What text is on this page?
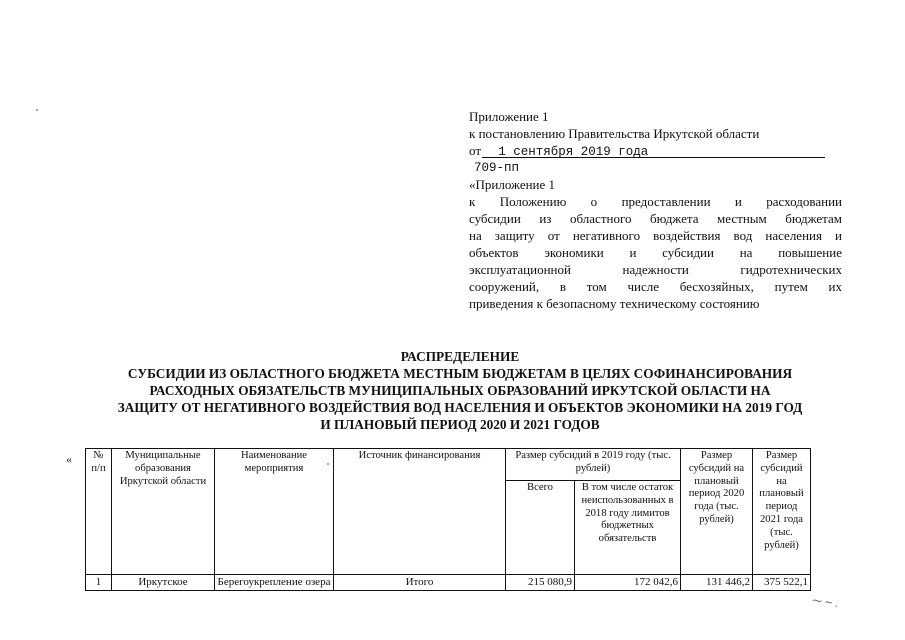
Приложение 1
к постановлению Правительства Иркутской области
от 1 сентября 2019 года
709-пп
«Приложение 1
к Положению о предоставлении и расходовании
субсидии из областного бюджета местным бюджетам
на защиту от негативного воздействия вод населения и
объектов экономики и субсидии на повышение
эксплуатационной надежности гидротехнических
сооружений, в том числе бесхозяйных, путем их
приведения к безопасному техническому состоянию
РАСПРЕДЕЛЕНИЕ
СУБСИДИИ ИЗ ОБЛАСТНОГО БЮДЖЕТА МЕСТНЫМ БЮДЖЕТАМ В ЦЕЛЯХ СОФИНАНСИРОВАНИЯ
РАСХОДНЫХ ОБЯЗАТЕЛЬСТВ МУНИЦИПАЛЬНЫХ ОБРАЗОВАНИЙ ИРКУТСКОЙ ОБЛАСТИ НА
ЗАЩИТУ ОТ НЕГАТИВНОГО ВОЗДЕЙСТВИЯ ВОД НАСЕЛЕНИЯ И ОБЪЕКТОВ ЭКОНОМИКИ НА 2019 ГОД
И ПЛАНОВЫЙ ПЕРИОД 2020 И 2021 ГОДОВ
« № п/п	Муниципальные образования Иркутской области	Наименование мероприятия	Источник финансирования	Размер субсидий в 2019 году (тыс. рублей)		Размер субсидий на плановый период 2020 года (тыс. рублей)	Размер субсидий на плановый период 2021 года (тыс. рублей)
				Всего	В том числе остаток неиспользованных в 2018 году лимитов бюджетных обязательств		
1	Иркутское	Берегоукрепление озера	Итого	215 080,9	172 042,6	131 446,2	375 522,1
⁓ ∼ .
